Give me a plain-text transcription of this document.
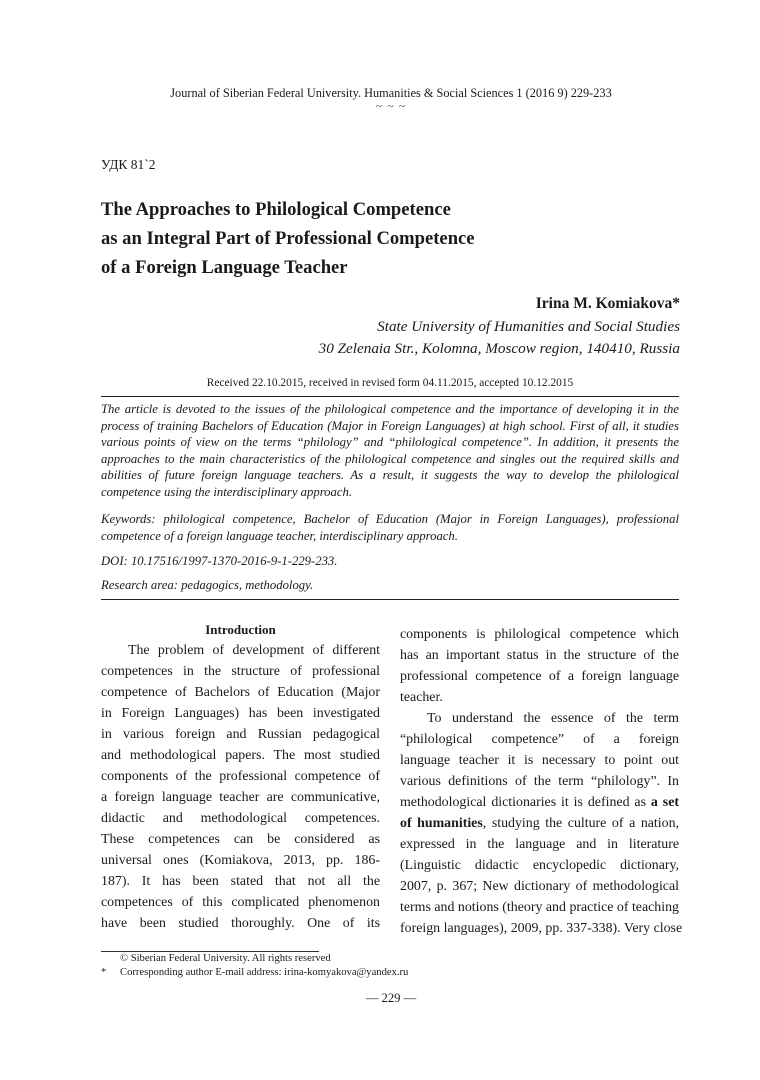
Journal of Siberian Federal University. Humanities & Social Sciences 1 (2016 9) 229-233
~ ~ ~
УДК 81`2
The Approaches to Philological Competence
as an Integral Part of Professional Competence
of a Foreign Language Teacher
Irina M. Komiakova*
State University of Humanities and Social Studies
30 Zelenaia Str., Kolomna, Moscow region, 140410, Russia
Received 22.10.2015, received in revised form 04.11.2015, accepted 10.12.2015

The article is devoted to the issues of the philological competence and the importance of developing it in the process of training Bachelors of Education (Major in Foreign Languages) at high school. First of all, it studies various points of view on the terms “philology” and “philological competence”. In addition, it presents the approaches to the main characteristics of the philological competence and singles out the required skills and abilities of future foreign language teachers. As a result, it suggests the way to develop the philological competence using the interdisciplinary approach.

Keywords: philological competence, Bachelor of Education (Major in Foreign Languages), professional competence of a foreign language teacher, interdisciplinary approach.
DOI: 10.17516/1997-1370-2016-9-1-229-233.
Research area: pedagogics, methodology.
Introduction
The problem of development of different
competences in the structure of professional
competence of Bachelors of Education (Major
in Foreign Languages) has been investigated
in various foreign and Russian pedagogical
and methodological papers. The most studied
components of the professional competence of
a foreign language teacher are communicative,
didactic and methodological competences.
These competences can be considered as
universal ones (Komiakova, 2013, pp. 186-
187). It has been stated that not all the
competences of this complicated phenomenon
have been studied thoroughly. One of its
components is philological competence which
has an important status in the structure of the
professional competence of a foreign language
teacher.
To understand the essence of the term
“philological competence” of a foreign
language teacher it is necessary to point out
various definitions of the term “philology”. In
methodological dictionaries it is defined as a set
of humanities, studying the culture of a nation,
expressed in the language and in literature
(Linguistic didactic encyclopedic dictionary,
2007, p. 367; New dictionary of methodological
terms and notions (theory and practice of teaching
foreign languages), 2009, pp. 337-338). Very close
© Siberian Federal University. All rights reserved
* Corresponding author E-mail address: irina-komyakova@yandex.ru
— 229 —
